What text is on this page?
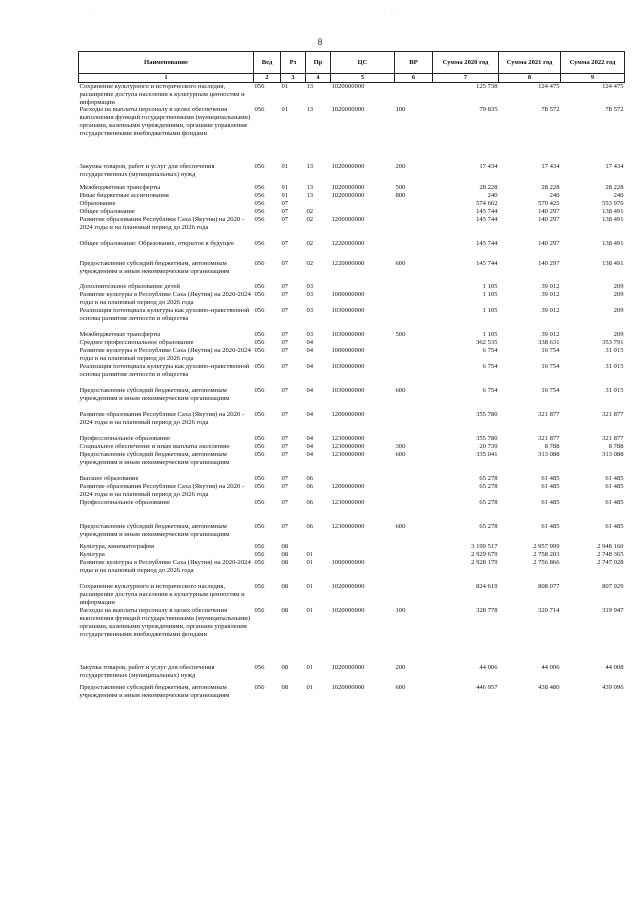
. .	. . . . . . . .
8
Наименование	Вед	Рз	Пр	ЦС	ВР	Сумма 2020 год	Сумма 2021 год	Сумма 2022 год
1	2	3	4	5	6	7	8	9
Сохранение культурного и исторического наследия, расширение доступа населения к культурным ценностям и информации	056	01	13	1020000000		125 738	124 475	124 475
Расходы на выплаты персоналу в целях обеспечения выполнения функций государственными (муниципальными) органами, казенными учреждениями, органами управления государственными внебюджетными фондами	056	01	13	1020000000	100	79 835	78 572	78 572
Закупка товаров, работ и услуг для обеспечения государственных (муниципальных) нужд	056	01	13	1020000000	200	17 434	17 434	17 434
Межбюджетные трансферты	056	01	13	1020000000	500	28 228	28 228	28 228
Иные бюджетные ассигнования	056	01	13	1020000000	800	240	240	240
Образование	056	07				574 662	579 425	553 976
Общее образование	056	07	02			145 744	140 297	138 491
Развитие образования Республики Саха (Якутия) на 2020 - 2024 годы и на плановый период до 2026 года	056	07	02	1200000000		145 744	140 297	138 491
Общее образование: Образование, открытое в будущее	056	07	02	1220000000		145 744	140 297	138 491
Предоставление субсидий бюджетным, автономным учреждениям и иным некоммерческим организациям	056	07	02	1220000000	600	145 744	140 297	138 491
Дополнительное образование детей	056	07	03			1 105	39 012	209
Развитие культуры в Республике Саха (Якутия) на 2020-2024 годы и на плановый период до 2026 года	056	07	03	1000000000		1 105	39 012	209
Реализация потенциала культуры как духовно-нравственной основы развития личности и общества	056	07	03	1030000000		1 105	39 012	209
Межбюджетные трансферты	056	07	03	1030000000	500	1 105	39 012	209
Среднее профессиональное образование	056	07	04			362 535	338 631	353 791
Развитие культуры в Республике Саха (Якутия) на 2020-2024 годы и на плановый период до 2026 года	056	07	04	1000000000		6 754	16 754	31 915
Реализация потенциала культуры как духовно-нравственной основы развития личности и общества	056	07	04	1030000000		6 754	16 754	31 915
Предоставление субсидий бюджетным, автономным учреждениям и иным некоммерческим организациям	056	07	04	1030000000	600	6 754	16 754	31 915
Развитие образования Республики Саха (Якутия) на 2020 - 2024 годы и на плановый период до 2026 года	056	07	04	1200000000		355 780	321 877	321 877
Профессиональное образование	056	07	04	1230000000		355 780	321 877	321 877
Социальное обеспечение и иные выплаты населению	056	07	04	1230000000	300	20 739	8 788	8 788
Предоставление субсидий бюджетным, автономным учреждениям и иным некоммерческим организациям	056	07	04	1230000000	600	335 041	313 088	313 088
Высшее образование	056	07	06			65 278	61 485	61 485
Развитие образования Республики Саха (Якутия) на 2020 - 2024 годы и на плановый период до 2026 года	056	07	06	1200000000		65 278	61 485	61 485
Профессиональное образование	056	07	06	1230000000		65 278	61 485	61 485
Предоставление субсидий бюджетным, автономным учреждениям и иным некоммерческим организациям	056	07	06	1230000000	600	65 278	61 485	61 485
Культура, кинематография	056	08				3 199 517	2 957 999	2 948 160
Культура	056	08	01			2 929 679	2 758 203	2 748 365
Развитие культуры в Республике Саха (Якутия) на 2020-2024 годы и на плановый период до 2026 года	056	08	01	1000000000		2 928 179	2 756 866	2 747 028
Сохранение культурного и исторического наследия, расширение доступа населения к культурным ценностям и информации	056	08	01	1020000000		824 619	808 077	807 929
Расходы на выплаты персоналу в целях обеспечения выполнения функций государственными (муниципальными) органами, казенными учреждениями, органами управления государственными внебюджетными фондами	056	08	01	1020000000	100	328 778	320 714	319 947
Закупка товаров, работ и услуг для обеспечения государственных (муниципальных) нужд	056	08	01	1020000000	200	44 006	44 006	44 008
Предоставление субсидий бюджетным, автономным учреждениям и иным некоммерческим организациям	056	08	01	1020000000	600	446 957	438 480	439 096
